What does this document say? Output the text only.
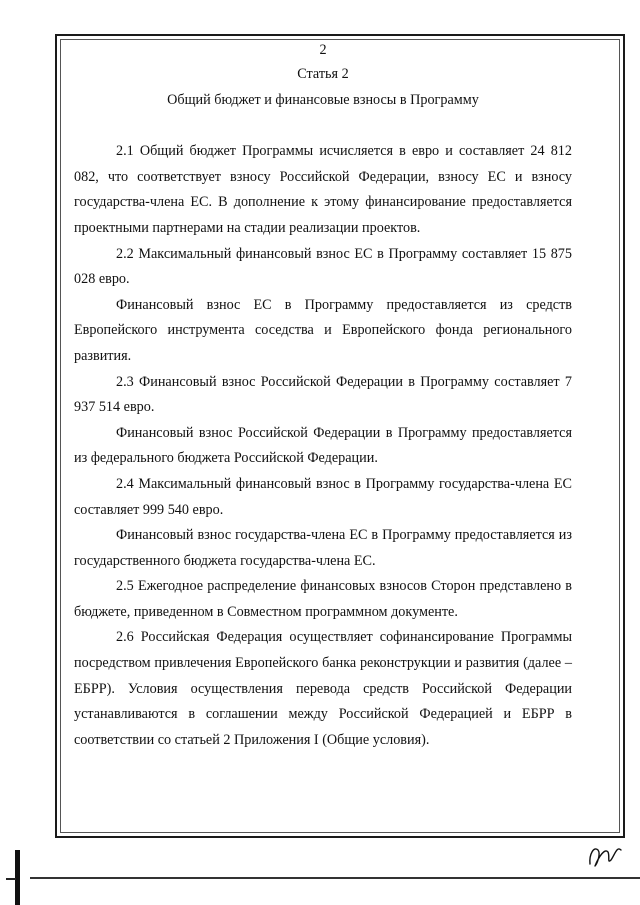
2
Статья 2
Общий бюджет и финансовые взносы в Программу
2.1 Общий бюджет Программы исчисляется в евро и составляет 24 812 082, что соответствует взносу Российской Федерации, взносу ЕС и взносу государства-члена ЕС. В дополнение к этому финансирование предоставляется проектными партнерами на стадии реализации проектов.
2.2 Максимальный финансовый взнос ЕС в Программу составляет 15 875 028 евро.
Финансовый взнос ЕС в Программу предоставляется из средств Европейского инструмента соседства и Европейского фонда регионального развития.
2.3 Финансовый взнос Российской Федерации в Программу составляет 7 937 514 евро.
Финансовый взнос Российской Федерации в Программу предоставляется из федерального бюджета Российской Федерации.
2.4 Максимальный финансовый взнос в Программу государства-члена ЕС составляет 999 540 евро.
Финансовый взнос государства-члена ЕС в Программу предоставляется из государственного бюджета государства-члена ЕС.
2.5 Ежегодное распределение финансовых взносов Сторон представлено в бюджете, приведенном в Совместном программном документе.
2.6 Российская Федерация осуществляет софинансирование Программы посредством привлечения Европейского банка реконструкции и развития (далее – ЕБРР). Условия осуществления перевода средств Российской Федерации устанавливаются в соглашении между Российской Федерацией и ЕБРР в соответствии со статьей 2 Приложения I (Общие условия).
